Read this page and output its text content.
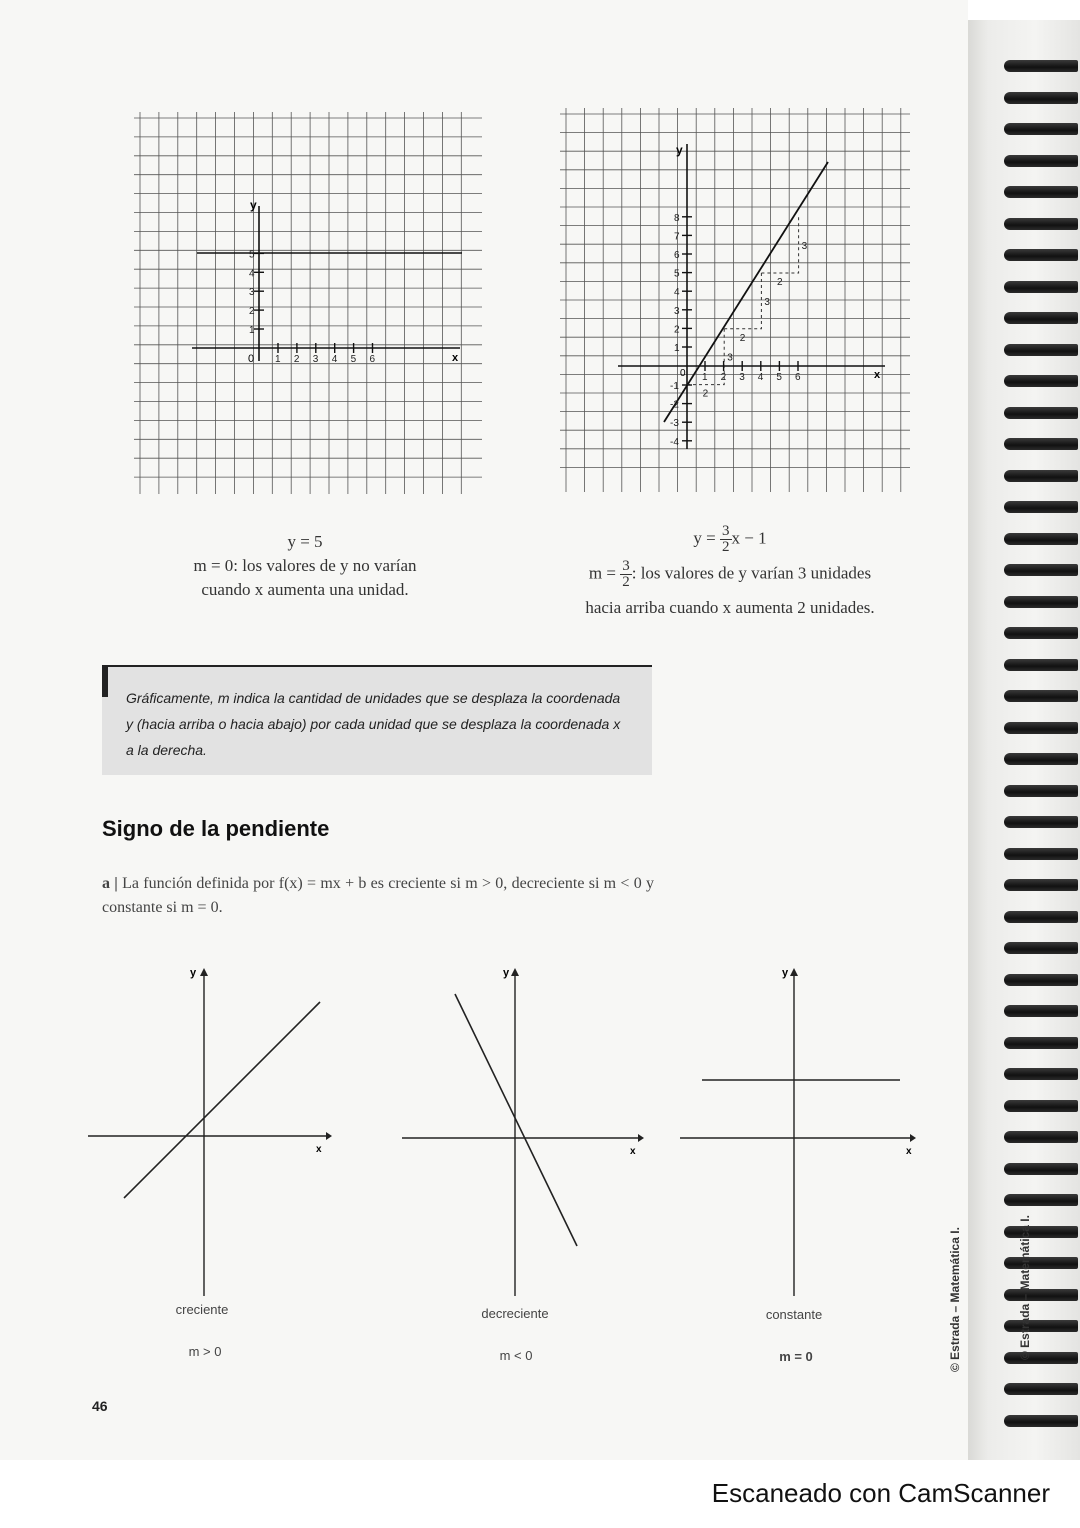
y
x
0 1 2 3 4 5 6
1
2
3
4
5
y
x
0 1 2 3 4 5 6
1
2
3
4
5
6
7
8
-1
-2
-3
-4
2
3
2
3
2
3
y = 5
m = 0: los valores de y no varían
cuando x aumenta una unidad.
$y = \frac{3}{2}$ x − 1
$m = \frac{3}{2}$ : los valores de y varían 3 unidades
hacia arriba cuando x aumenta 2 unidades.
Gráficamente, m indica la cantidad de unidades que se desplaza la coordenada y (hacia arriba o hacia abajo) por cada unidad que se desplaza la coordenada x a la derecha.
Signo de la pendiente
a | La función definida por f(x) = mx + b es creciente si m > 0, decreciente si m < 0 y constante si m = 0.
y
x
y
x
y
x
creciente
m > 0
decreciente
m < 0
constante
m = 0
46
© Estrada – Matemática I.	© Estrada – Matemática I.
Escaneado con CamScanner
